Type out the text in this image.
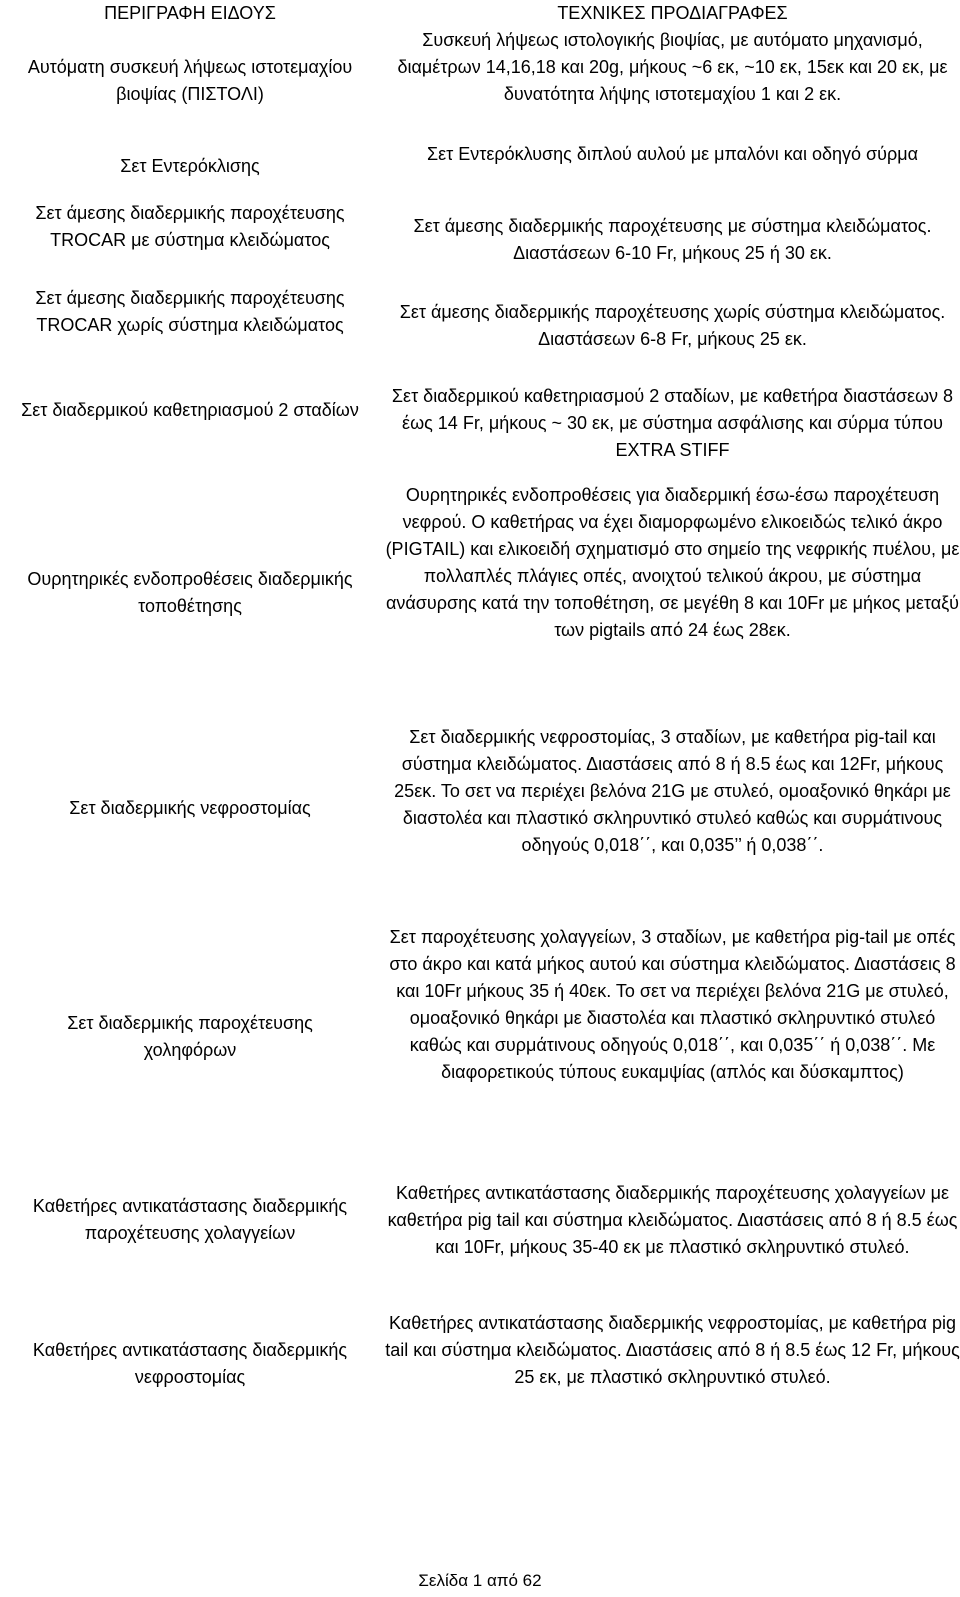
ΠΕΡΙΓΡΑΦΗ ΕΙΔΟΥΣ

Αυτόματη συσκευή λήψεως ιστοτεμαχίου βιοψίας (ΠΙΣΤΟΛΙ)

Σετ Εντερόκλισης

Σετ άμεσης διαδερμικής παροχέτευσης TROCAR με σύστημα κλειδώματος

Σετ άμεσης διαδερμικής παροχέτευσης TROCAR χωρίς σύστημα κλειδώματος

Σετ διαδερμικού καθετηριασμού 2 σταδίων

Ουρητηρικές ενδοπροθέσεις διαδερμικής τοποθέτησης

Σετ διαδερμικής νεφροστομίας

Σετ διαδερμικής παροχέτευσης χοληφόρων

Καθετήρες αντικατάστασης διαδερμικής παροχέτευσης χολαγγείων

Καθετήρες αντικατάστασης διαδερμικής νεφροστομίας

ΤΕΧΝΙΚΕΣ ΠΡΟΔΙΑΓΡΑΦΕΣ

Συσκευή λήψεως ιστολογικής βιοψίας, με αυτόματο μηχανισμό, διαμέτρων 14,16,18 και 20g, μήκους ~6 εκ, ~10 εκ, 15εκ και 20 εκ, με δυνατότητα λήψης ιστοτεμαχίου 1 και 2 εκ.

Σετ Εντερόκλυσης διπλού αυλού με μπαλόνι και οδηγό σύρμα

Σετ άμεσης διαδερμικής παροχέτευσης με σύστημα κλειδώματος. Διαστάσεων 6-10 Fr, μήκους 25 ή 30 εκ.

Σετ άμεσης διαδερμικής παροχέτευσης χωρίς σύστημα κλειδώματος. Διαστάσεων 6-8 Fr, μήκους 25 εκ.

Σετ διαδερμικού καθετηριασμού 2 σταδίων, με καθετήρα διαστάσεων 8 έως 14 Fr, μήκους ~ 30 εκ, με σύστημα ασφάλισης και σύρμα τύπου EXTRA STIFF

Ουρητηρικές ενδοπροθέσεις για διαδερμική έσω-έσω παροχέτευση νεφρού. Ο καθετήρας να έχει διαμορφωμένο ελικοειδώς τελικό άκρο (PIGTAIL) και ελικοειδή σχηματισμό στο σημείο της νεφρικής πυέλου, με πολλαπλές πλάγιες οπές, ανοιχτού τελικού άκρου, με σύστημα ανάσυρσης κατά την τοποθέτηση, σε μεγέθη 8 και 10Fr με μήκος μεταξύ των pigtails από 24 έως 28εκ.

Σετ διαδερμικής νεφροστομίας, 3 σταδίων, με καθετήρα pig-tail και σύστημα κλειδώματος. Διαστάσεις από 8 ή 8.5 έως και 12Fr, μήκους 25εκ. Το σετ να περιέχει βελόνα 21G με στυλεό, ομοαξονικό θηκάρι με διαστολέα και πλαστικό σκληρυντικό στυλεό καθώς και συρμάτινους οδηγούς 0,018΄΄, και 0,035’’ ή 0,038΄΄.

Σετ παροχέτευσης χολαγγείων, 3 σταδίων, με καθετήρα pig-tail με οπές στο άκρο και κατά μήκος αυτού και σύστημα κλειδώματος. Διαστάσεις 8 και 10Fr μήκους 35 ή 40εκ. Το σετ να περιέχει βελόνα 21G με στυλεό, ομοαξονικό θηκάρι με διαστολέα και πλαστικό σκληρυντικό στυλεό καθώς και συρμάτινους οδηγούς 0,018΄΄, και 0,035΄΄ ή 0,038΄΄. Με διαφορετικούς τύπους ευκαμψίας (απλός και δύσκαμπτος)

Καθετήρες αντικατάστασης διαδερμικής παροχέτευσης χολαγγείων με καθετήρα pig tail και σύστημα κλειδώματος. Διαστάσεις από 8 ή 8.5 έως και 10Fr, μήκους 35-40 εκ με πλαστικό σκληρυντικό στυλεό.

Καθετήρες αντικατάστασης διαδερμικής νεφροστομίας, με καθετήρα pig tail και σύστημα κλειδώματος. Διαστάσεις από 8 ή 8.5 έως 12 Fr, μήκους 25 εκ, με πλαστικό σκληρυντικό στυλεό.

Σελίδα 1 από 62
